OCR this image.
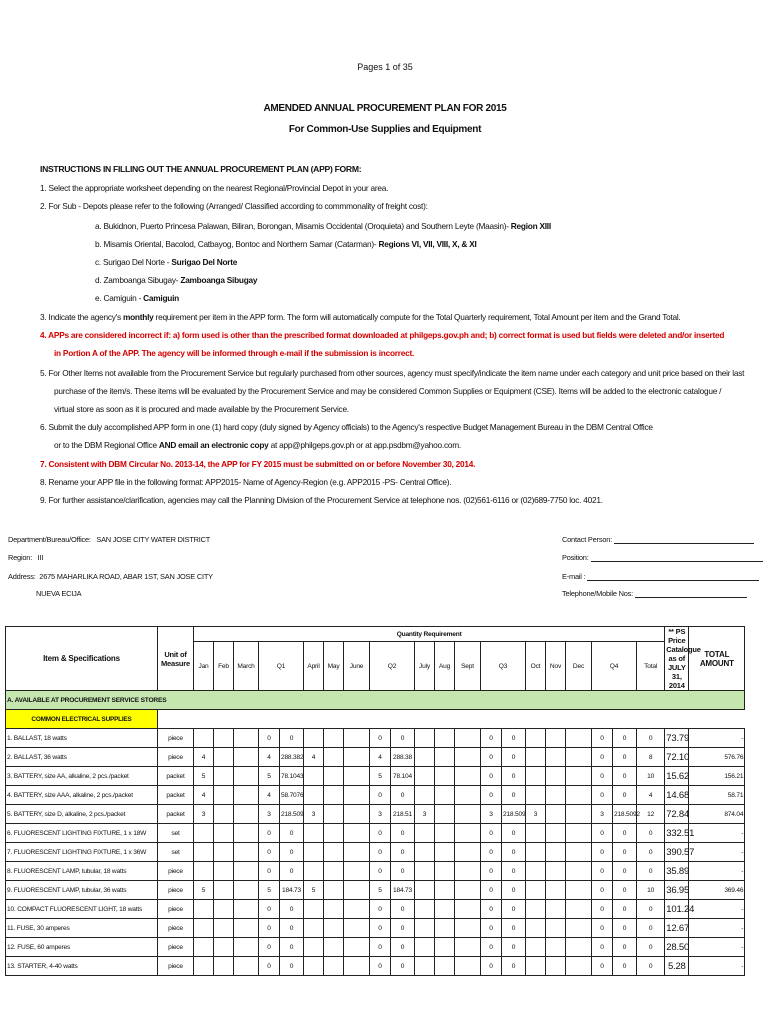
Pages 1 of 35
AMENDED ANNUAL PROCUREMENT PLAN FOR 2015
For Common-Use Supplies and Equipment
INSTRUCTIONS IN FILLING OUT THE ANNUAL PROCUREMENT PLAN (APP) FORM:
1. Select the appropriate worksheet depending on the nearest Regional/Provincial Depot in your area.
2. For Sub - Depots please refer to the following (Arranged/ Classified according to commmonality of freight cost):
a. Bukidnon, Puerto Princesa Palawan, Biliran, Borongan, Misamis Occidental (Oroquieta) and Southern Leyte (Maasin)- Region XIII
b. Misamis Oriental, Bacolod, Catbayog, Bontoc and Northern Samar (Catarman)- Regions VI, VII, VIII, X, & XI
c. Surigao Del Norte - Surigao Del Norte
d. Zamboanga Sibugay- Zamboanga Sibugay
e. Camiguin - Camiguin
3. Indicate the agency's monthly requirement per item in the APP form. The form will automatically compute for the Total Quarterly requirement, Total Amount per item and the Grand Total.
4. APPs are considered incorrect if: a) form used is other than the prescribed format downloaded at philgeps.gov.ph and; b) correct format is used but fields were deleted and/or inserted
in Portion A of the APP. The agency will be informed through e-mail if the submission is incorrect.
5. For Other Items not available from the Procurement Service but regularly purchased from other sources, agency must specify/indicate the item name under each category and unit price based on their last
purchase of the item/s. These items will be evaluated by the Procurement Service and may be considered Common Supplies or Equipment (CSE). Items will be added to the electronic catalogue /
virtual store as soon as it is procured and made available by the Procurement Service.
6. Submit the duly accomplished APP form in one (1) hard copy (duly signed by Agency officials) to the Agency's respective Budget Management Bureau in the DBM Central Office
or to the DBM Regional Office AND email an electronic copy at app@philgeps.gov.ph or at app.psdbm@yahoo.com.
7. Consistent with DBM Circular No. 2013-14, the APP for FY 2015 must be submitted on or before November 30, 2014.
8. Rename your APP file in the following format: APP2015- Name of Agency-Region (e.g. APP2015 -PS- Central Office).
9. For further assistance/clarification, agencies may call the Planning Division of the Procurement Service at telephone nos. (02)561-6116 or (02)689-7750 loc. 4021.
Department/Bureau/Office: SAN JOSE CITY WATER DISTRICT
Region: III
Address: 2675 MAHARLIKA ROAD, ABAR 1ST, SAN JOSE CITY
NUEVA ECIJA
Contact Person:
Position:
E-mail :
Telephone/Mobile Nos:
Item & Specifications	Unit of Measure	Quantity Requirement																					** PS Price
Catalogue as of
JULY 31, 2014	TOTAL AMOUNT
		Jan	Feb	March	Q1		April	May	June	Q2		July	Aug	Sept	Q3		Oct	Nov	Dec	Q4		Total		

A. AVAILABLE AT PROCUREMENT SERVICE STORES																								
COMMON ELECTRICAL SUPPLIES																								
1. BALLAST, 18 watts	piece				0	0				0	0				0	0				0	0	0	73.79	-
2. BALLAST, 36 watts	piece	4			4	288.382	4			4	288.38				0	0				0	0	8	72.10	576.76
3. BATTERY, size AA, alkaline, 2 pcs./packet	packet	5			5	78.1043				5	78.104				0	0				0	0	10	15.62	156.21
4. BATTERY, size AAA, alkaline, 2 pcs./packet	packet	4			4	58.7076				0	0				0	0				0	0	4	14.68	58.71
5. BATTERY, size D, alkaline, 2 pcs./packet	packet	3			3	218.509	3			3	218.51	3			3	218.509	3			3	218.5092	12	72.84	874.04
6. FLUORESCENT LIGHTING FIXTURE, 1 x 18W	set				0	0				0	0				0	0				0	0	0	332.51	-
7. FLUORESCENT LIGHTING FIXTURE, 1 x 36W	set				0	0				0	0				0	0				0	0	0	390.57	-
8. FLUORESCENT LAMP, tubular, 18 watts	piece				0	0				0	0				0	0				0	0	0	35.89	-
9. FLUORESCENT LAMP, tubular, 36 watts	piece	5			5	184.73	5			5	184.73				0	0				0	0	10	36.95	369.46
10. COMPACT FLUORESCENT LIGHT, 18 watts	piece				0	0				0	0				0	0				0	0	0	101.24	-
11. FUSE, 30 amperes	piece				0	0				0	0				0	0				0	0	0	12.67	-
12. FUSE, 60 amperes	piece				0	0				0	0				0	0				0	0	0	28.50	-
13. STARTER, 4-40 watts	piece				0	0				0	0				0	0				0	0	0	5.28	-
